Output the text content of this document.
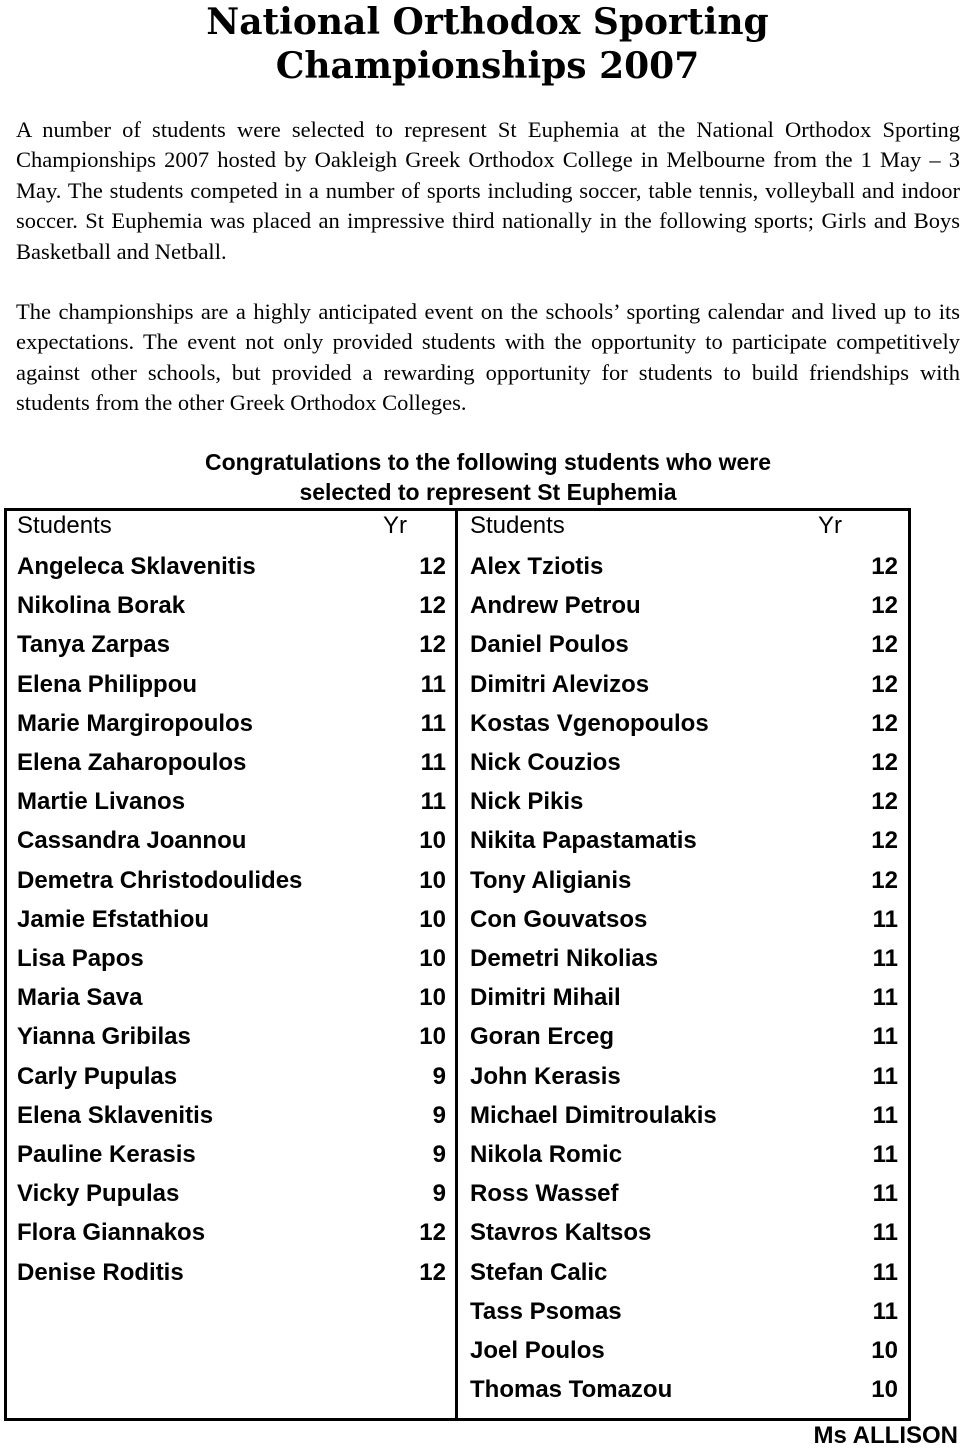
National Orthodox Sporting
Championships 2007

A number of students were selected to represent St Euphemia at the National Orthodox Sporting Championships 2007 hosted by Oakleigh Greek Orthodox College in Melbourne from the 1 May – 3 May. The students competed in a number of sports including soccer, table tennis, volleyball and indoor soccer. St Euphemia was placed an impressive third nationally in the following sports; Girls and Boys Basketball and Netball.

The championships are a highly anticipated event on the schools’ sporting calendar and lived up to its expectations. The event not only provided students with the opportunity to participate competitively against other schools, but provided a rewarding opportunity for students to build friendships with students from the other Greek Orthodox Colleges.

Congratulations to the following students who were
selected to represent St Euphemia
Students	Yr	Students	Yr
Angeleca Sklavenitis	12
Nikolina Borak	12
Tanya Zarpas	12
Elena Philippou	11
Marie Margiropoulos	11
Elena Zaharopoulos	11
Martie Livanos	11
Cassandra Joannou	10
Demetra Christodoulides	10
Jamie Efstathiou	10
Lisa Papos	10
Maria Sava	10
Yianna Gribilas	10
Carly Pupulas	9
Elena Sklavenitis	9
Pauline Kerasis	9
Vicky Pupulas	9
Flora Giannakos	12
Denise Roditis	12
Alex Tziotis	12
Andrew Petrou	12
Daniel Poulos	12
Dimitri Alevizos	12
Kostas Vgenopoulos	12
Nick Couzios	12
Nick Pikis	12
Nikita Papastamatis	12
Tony Aligianis	12
Con Gouvatsos	11
Demetri Nikolias	11
Dimitri Mihail	11
Goran Erceg	11
John Kerasis	11
Michael Dimitroulakis	11
Nikola Romic	11
Ross Wassef	11
Stavros Kaltsos	11
Stefan Calic	11
Tass Psomas	11
Joel Poulos	10
Thomas Tomazou	10
Ms ALLISON
